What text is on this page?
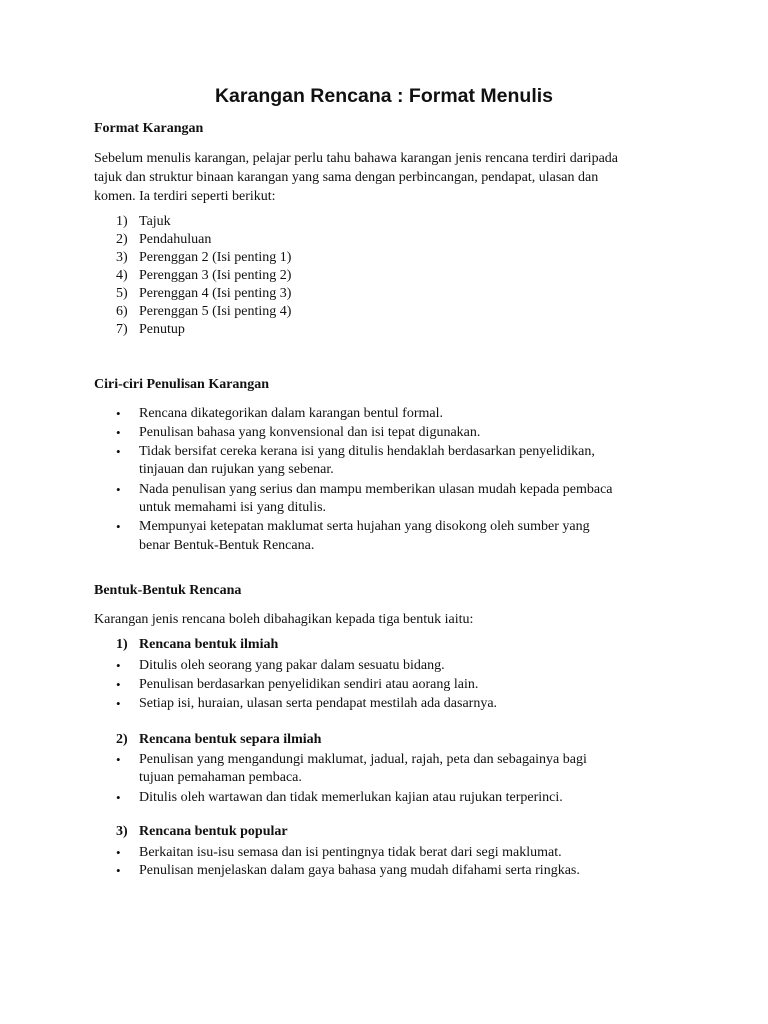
Karangan Rencana : Format Menulis
Format Karangan
Sebelum menulis karangan, pelajar perlu tahu bahawa karangan jenis rencana terdiri daripada
tajuk dan struktur binaan karangan yang sama dengan perbincangan, pendapat, ulasan dan
komen. Ia terdiri seperti berikut:
1) Tajuk
2) Pendahuluan
3) Perenggan 2 (Isi penting 1)
4) Perenggan 3 (Isi penting 2)
5) Perenggan 4 (Isi penting 3)
6) Perenggan 5 (Isi penting 4)
7) Penutup
Ciri-ciri Penulisan Karangan
• Rencana dikategorikan dalam karangan bentul formal.
• Penulisan bahasa yang konvensional dan isi tepat digunakan.
• Tidak bersifat cereka kerana isi yang ditulis hendaklah berdasarkan penyelidikan,
tinjauan dan rujukan yang sebenar.
• Nada penulisan yang serius dan mampu memberikan ulasan mudah kepada pembaca
untuk memahami isi yang ditulis.
• Mempunyai ketepatan maklumat serta hujahan yang disokong oleh sumber yang
benar Bentuk-Bentuk Rencana.
Bentuk-Bentuk Rencana
Karangan jenis rencana boleh dibahagikan kepada tiga bentuk iaitu:
1) Rencana bentuk ilmiah
• Ditulis oleh seorang yang pakar dalam sesuatu bidang.
• Penulisan berdasarkan penyelidikan sendiri atau aorang lain.
• Setiap isi, huraian, ulasan serta pendapat mestilah ada dasarnya.
2) Rencana bentuk separa ilmiah
• Penulisan yang mengandungi maklumat, jadual, rajah, peta dan sebagainya bagi
tujuan pemahaman pembaca.
• Ditulis oleh wartawan dan tidak memerlukan kajian atau rujukan terperinci.
3) Rencana bentuk popular
• Berkaitan isu-isu semasa dan isi pentingnya tidak berat dari segi maklumat.
• Penulisan menjelaskan dalam gaya bahasa yang mudah difahami serta ringkas.
